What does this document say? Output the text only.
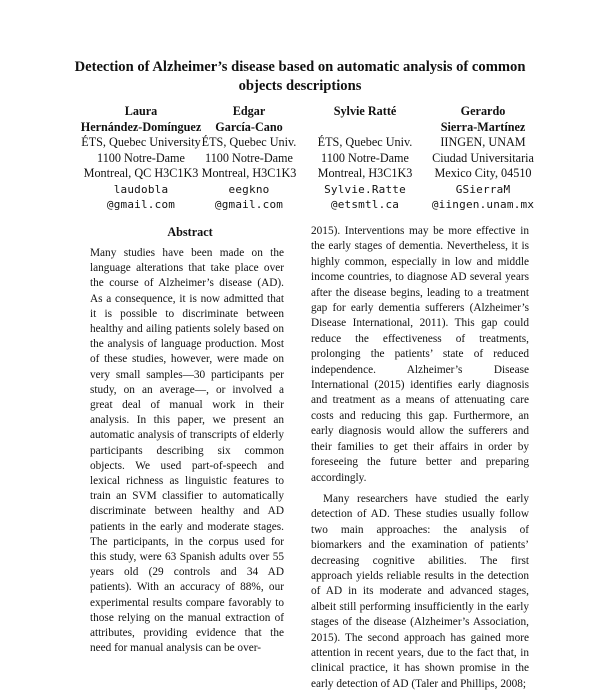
Detection of Alzheimer’s disease based on automatic analysis of common objects descriptions
Laura
Hernández-Domínguez
ÉTS, Quebec University
1100 Notre-Dame
Montreal, QC H3C1K3
laudobla
@gmail.com
Edgar
García-Cano
ÉTS, Quebec Univ.
1100 Notre-Dame
Montreal, H3C1K3
eegkno
@gmail.com
Sylvie Ratté

ÉTS, Quebec Univ.
1100 Notre-Dame
Montreal, H3C1K3
Sylvie.Ratte
@etsmtl.ca
Gerardo
Sierra-Martínez
IINGEN, UNAM
Ciudad Universitaria
Mexico City, 04510
GSierraM
@iingen.unam.mx
Abstract
Many studies have been made on the language alterations that take place over the course of Alzheimer’s disease (AD). As a consequence, it is now admitted that it is possible to discriminate between healthy and ailing patients solely based on the analysis of language production. Most of these studies, however, were made on very small samples—30 participants per study, on an average—, or involved a great deal of manual work in their analysis. In this paper, we present an automatic analysis of transcripts of elderly participants describing six common objects. We used part-of-speech and lexical richness as linguistic features to train an SVM classifier to automatically discriminate between healthy and AD patients in the early and moderate stages. The participants, in the corpus used for this study, were 63 Spanish adults over 55 years old (29 controls and 34 AD patients). With an accuracy of 88%, our experimental results compare favorably to those relying on the manual extraction of attributes, providing evidence that the need for manual analysis can be over-

2015). Interventions may be more effective in the early stages of dementia. Nevertheless, it is highly common, especially in low and middle income countries, to diagnose AD several years after the disease begins, leading to a treatment gap for early dementia sufferers (Alzheimer’s Disease International, 2011). This gap could reduce the effectiveness of treatments, prolonging the patients’ state of reduced independence. Alzheimer’s Disease International (2015) identifies early diagnosis and treatment as a means of attenuating care costs and reducing this gap. Furthermore, an early diagnosis would allow the sufferers and their families to get their affairs in order by foreseeing the future better and preparing accordingly.

Many researchers have studied the early detection of AD. These studies usually follow two main approaches: the analysis of biomarkers and the examination of patients’ decreasing cognitive abilities. The first approach yields reliable results in the detection of AD in its moderate and advanced stages, albeit still performing insufficiently in the early stages of the disease (Alzheimer’s Association, 2015). The second approach has gained more attention in recent years, due to the fact that, in clinical practice, it has shown promise in the early detection of AD (Taler and Phillips, 2008;
